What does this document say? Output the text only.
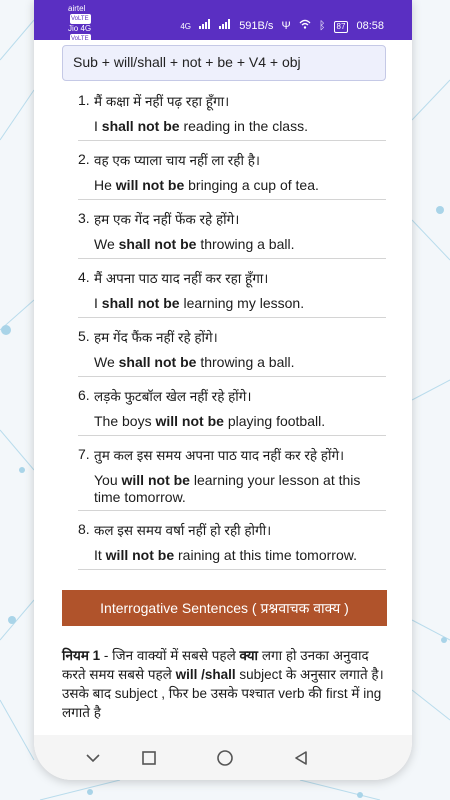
airtel
VoLTE
Jio 4G
VoLTE
4G	591B/s Ψ	ᛒ 87 08:58
Sub + will/shall + not + be + V4 + obj
1. मैं कक्षा में नहीं पढ़ रहा हूँगा।
I shall not be reading in the class.
2. वह एक प्याला चाय नहीं ला रही है।
He will not be bringing a cup of tea.
3. हम एक गेंद नहीं फेंक रहे होंगे।
We shall not be throwing a ball.
4. मैं अपना पाठ याद नहीं कर रहा हूँगा।
I shall not be learning my lesson.
5. हम गेंद फैंक नहीं रहे होंगे।
We shall not be throwing a ball.
6. लड़के फुटबॉल खेल नहीं रहे होंगे।
The boys will not be playing football.
7. तुम कल इस समय अपना पाठ याद नहीं कर रहे होंगे।
You will not be learning your lesson at this time tomorrow.
8. कल इस समय वर्षा नहीं हो रही होगी।
It will not be raining at this time tomorrow.
Interrogative Sentences ( प्रश्नवाचक वाक्य )
नियम 1 - जिन वाक्यों में सबसे पहले क्या लगा हो उनका अनुवाद करते समय सबसे पहले will /shall subject के अनुसार लगाते है। उसके बाद subject , फिर be उसके पश्चात verb की first में ing लगाते है
